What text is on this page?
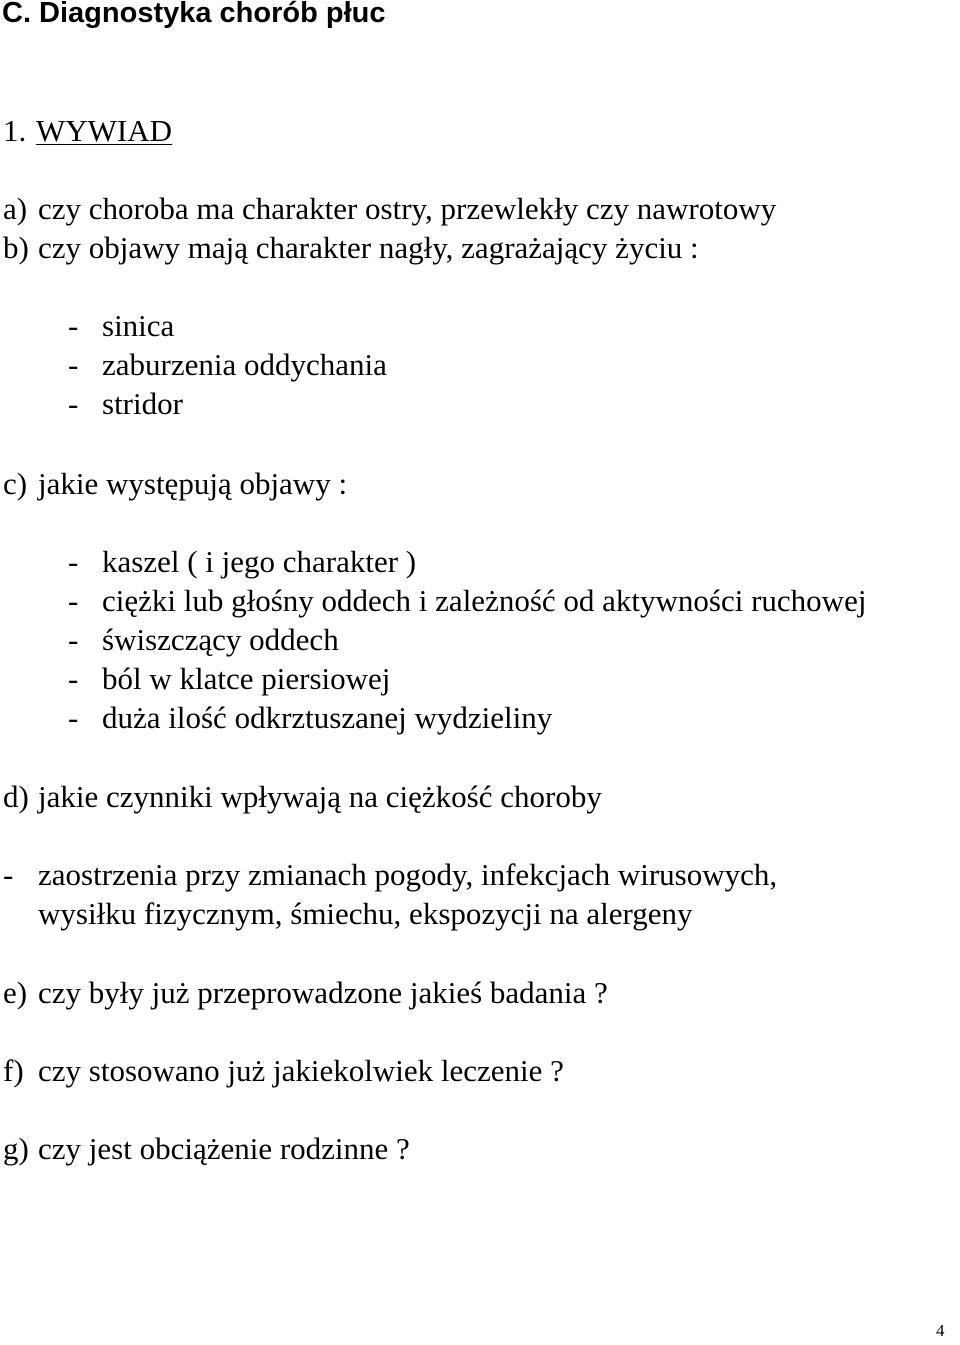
C. Diagnostyka chorób płuc
1. WYWIAD
a) czy choroba ma charakter ostry, przewlekły czy nawrotowy
b) czy objawy mają charakter nagły, zagrażający życiu :
- sinica
- zaburzenia oddychania
- stridor
c) jakie występują objawy :
- kaszel ( i jego charakter )
- ciężki lub głośny oddech i zależność od aktywności ruchowej
- świszczący oddech
- ból w klatce piersiowej
- duża ilość odkrztuszanej wydzieliny
d) jakie czynniki wpływają na ciężkość choroby
- zaostrzenia przy zmianach pogody, infekcjach wirusowych,
wysiłku fizycznym, śmiechu, ekspozycji na alergeny
e) czy były już przeprowadzone jakieś badania ?
f) czy stosowano już jakiekolwiek leczenie ?
g) czy jest obciążenie rodzinne ?
4
